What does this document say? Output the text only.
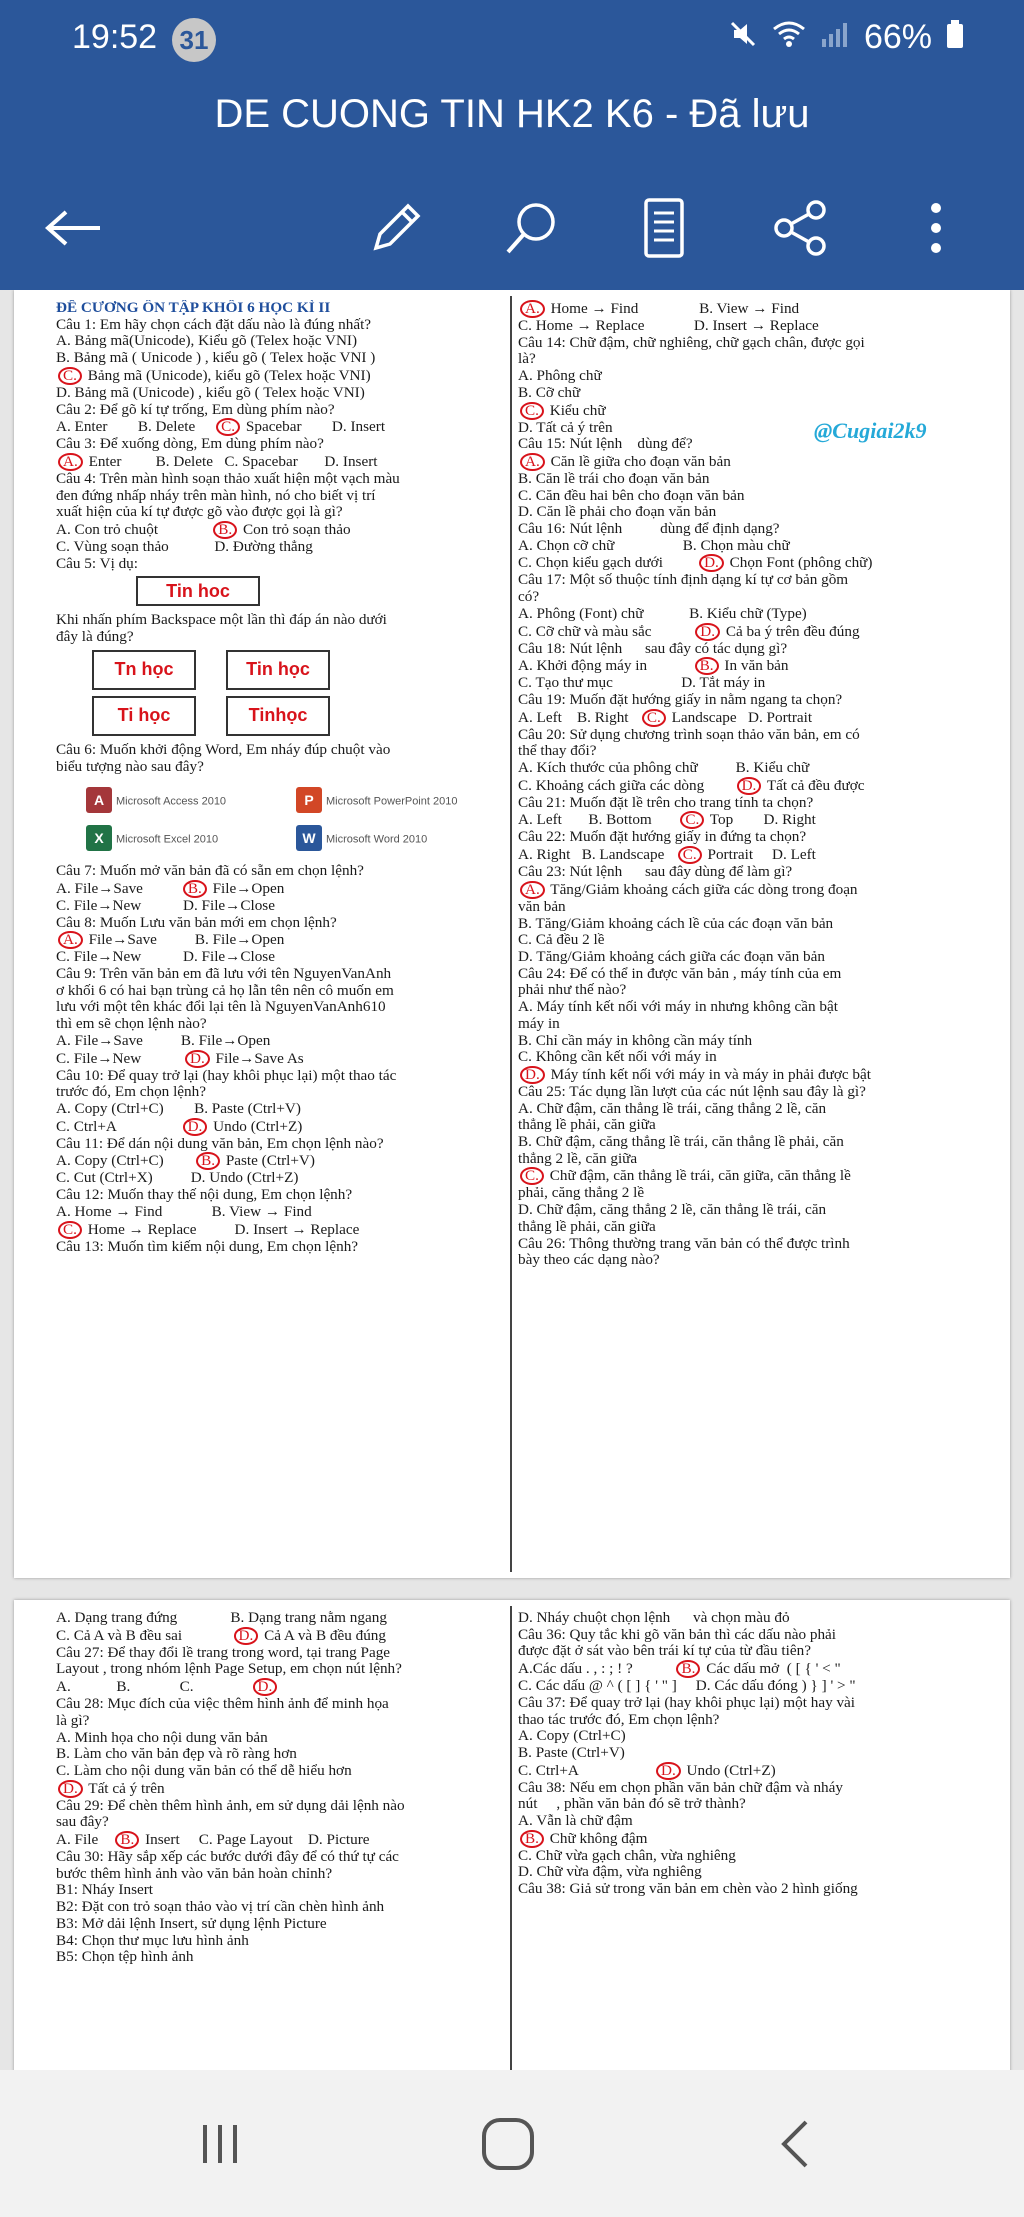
19:52 31	66%
DE CUONG TIN HK2 K6 - Đã lưu
ĐỀ CƯƠNG ÔN TẬP KHỐI 6 HỌC KÌ II
Câu 1: Em hãy chọn cách đặt dấu nào là đúng nhất?
A. Bảng mã(Unicode), Kiểu gõ (Telex hoặc VNI)
B. Bảng mã ( Unicode ) , kiểu gõ ( Telex hoặc VNI )
C. Bảng mã (Unicode), kiểu gõ (Telex hoặc VNI)
D. Bảng mã (Unicode) , kiểu gõ ( Telex hoặc VNI)
Câu 2: Để gõ kí tự trống, Em dùng phím nào?
A. Enter        B. Delete     C. Spacebar        D. Insert
Câu 3: Để xuống dòng, Em dùng phím nào?
A. Enter         B. Delete   C. Spacebar       D. Insert
Câu 4: Trên màn hình soạn thảo xuất hiện một vạch màu
đen đứng nhấp nháy trên màn hình, nó cho biết vị trí
xuất hiện của kí tự được gõ vào được gọi là gì?
A. Con trỏ chuột              B. Con trỏ soạn thảo
C. Vùng soạn thảo            D. Đường thẳng
Câu 5: Vị dụ:
Tin hoc
Khi nhấn phím Backspace một lần thì đáp án nào dưới
đây là đúng?
Tn học	Tin học
Ti học	Tinhọc
Câu 6: Muốn khởi động Word, Em nháy đúp chuột vào
biểu tượng nào sau đây?
A Microsoft Access 2010	P Microsoft PowerPoint 2010
X Microsoft Excel 2010	W Microsoft Word 2010
Câu 7: Muốn mở văn bản đã có sẵn em chọn lệnh?
A. File→Save          B. File→Open
C. File→New           D. File→Close
Câu 8: Muốn Lưu văn bản mới em chọn lệnh?
A. File→Save          B. File→Open
C. File→New           D. File→Close
Câu 9: Trên văn bản em đã lưu với tên NguyenVanAnh
ơ khối 6 có hai bạn trùng cả họ lẫn tên nên cô muốn em
lưu với một tên khác đổi lại tên là NguyenVanAnh610
thì em sẽ chọn lệnh nào?
A. File→Save          B. File→Open
C. File→New           D. File→Save As
Câu 10: Để quay trở lại (hay khôi phục lại) một thao tác
trước đó, Em chọn lệnh?
A. Copy (Ctrl+C)        B. Paste (Ctrl+V)
C. Ctrl+A                 D. Undo (Ctrl+Z)
Câu 11: Để dán nội dung văn bản, Em chọn lệnh nào?
A. Copy (Ctrl+C)        B. Paste (Ctrl+V)
C. Cut (Ctrl+X)          D. Undo (Ctrl+Z)
Câu 12: Muốn thay thế nội dung, Em chọn lệnh?
A. Home → Find             B. View → Find
C. Home → Replace          D. Insert → Replace
Câu 13: Muốn tìm kiếm nội dung, Em chọn lệnh?
A. Home → Find                B. View → Find
C. Home → Replace             D. Insert → Replace
Câu 14: Chữ đậm, chữ nghiêng, chữ gạch chân, được gọi
là?
A. Phông chữ
B. Cỡ chữ
C. Kiểu chữ
D. Tất cả ý trên
Câu 15: Nút lệnh    dùng để?
A. Căn lề giữa cho đoạn văn bản
B. Căn lề trái cho đoạn văn bản
C. Căn đều hai bên cho đoạn văn bản
D. Căn lề phải cho đoạn văn bản
Câu 16: Nút lệnh          dùng để định dạng?
A. Chọn cỡ chữ                  B. Chọn màu chữ
C. Chọn kiểu gạch dưới         D. Chọn Font (phông chữ)
Câu 17: Một số thuộc tính định dạng kí tự cơ bản gồm
có?
A. Phông (Font) chữ            B. Kiểu chữ (Type)
C. Cỡ chữ và màu sắc           D. Cả ba ý trên đều đúng
Câu 18: Nút lệnh      sau đây có tác dụng gì?
A. Khởi động máy in            B. In văn bản
C. Tạo thư mục                  D. Tắt máy in
Câu 19: Muốn đặt hướng giấy in nằm ngang ta chọn?
A. Left    B. Right   C. Landscape   D. Portrait
Câu 20: Sử dụng chương trình soạn thảo văn bản, em có
thể thay đổi?
A. Kích thước của phông chữ          B. Kiểu chữ
C. Khoảng cách giữa các dòng        D. Tất cả đều được
Câu 21: Muốn đặt lề trên cho trang tính ta chọn?
A. Left       B. Bottom       C. Top        D. Right
Câu 22: Muốn đặt hướng giấy in đứng ta chọn?
A. Right   B. Landscape   C. Portrait     D. Left
Câu 23: Nút lệnh      sau đây dùng để làm gì?
A. Tăng/Giảm khoảng cách giữa các dòng trong đoạn
văn bản
B. Tăng/Giảm khoảng cách lề của các đoạn văn bản
C. Cả đều 2 lề
D. Tăng/Giảm khoảng cách giữa các đoạn văn bản
Câu 24: Để có thể in được văn bản , máy tính của em
phải như thế nào?
A. Máy tính kết nối với máy in nhưng không cần bật
máy in
B. Chỉ cần máy in không cần máy tính
C. Không cần kết nối với máy in
D. Máy tính kết nối với máy in và máy in phải được bật
Câu 25: Tác dụng lần lượt của các nút lệnh sau đây là gì?
A. Chữ đậm, căn thẳng lề trái, căng thẳng 2 lề, căn
thẳng lề phải, căn giữa
B. Chữ đậm, căng thẳng lề trái, căn thẳng lề phải, căn
thẳng 2 lề, căn giữa
C. Chữ đậm, căn thẳng lề trái, căn giữa, căn thẳng lề
phải, căng thẳng 2 lề
D. Chữ đậm, căng thẳng 2 lề, căn thẳng lề trái, căn
thẳng lề phải, căn giữa
Câu 26: Thông thường trang văn bản có thể được trình
bày theo các dạng nào?
@Cugiai2k9
A. Dạng trang đứng              B. Dạng trang nằm ngang
C. Cả A và B đều sai             D. Cả A và B đều đúng
Câu 27: Để thay đổi lề trang trong word, tại trang Page
Layout , trong nhóm lệnh Page Setup, em chọn nút lệnh?
A.            B.             C.               D.
Câu 28: Mục đích của việc thêm hình ảnh để minh họa
là gì?
A. Minh họa cho nội dung văn bản
B. Làm cho văn bản đẹp và rõ ràng hơn
C. Làm cho nội dung văn bản có thể dễ hiểu hơn
D. Tất cả ý trên
Câu 29: Để chèn thêm hình ảnh, em sử dụng dải lệnh nào
sau đây?
A. File    B. Insert     C. Page Layout    D. Picture
Câu 30: Hãy sắp xếp các bước dưới đây để có thứ tự các
bước thêm hình ảnh vào văn bản hoàn chỉnh?
B1: Nháy Insert
B2: Đặt con trỏ soạn thảo vào vị trí cần chèn hình ảnh
B3: Mở dải lệnh Insert, sử dụng lệnh Picture
B4: Chọn thư mục lưu hình ảnh
B5: Chọn tệp hình ảnh
D. Nháy chuột chọn lệnh      và chọn màu đỏ
Câu 36: Quy tắc khi gõ văn bản thì các dấu nào phải
được đặt ở sát vào bên trái kí tự của từ đầu tiên?
A.Các dấu . , : ; ! ?           B. Các dấu mở  ( [ { ' < "
C. Các dấu @ ^ ( [ ] { ' " ]     D. Các dấu đóng ) } ] ' > "
Câu 37: Để quay trở lại (hay khôi phục lại) một hay vài
thao tác trước đó, Em chọn lệnh?
A. Copy (Ctrl+C)
B. Paste (Ctrl+V)
C. Ctrl+A                    D. Undo (Ctrl+Z)
Câu 38: Nếu em chọn phần văn bản chữ đậm và nháy
nút     , phần văn bản đó sẽ trở thành?
A. Vẫn là chữ đậm
B. Chữ không đậm
C. Chữ vừa gạch chân, vừa nghiêng
D. Chữ vừa đậm, vừa nghiêng
Câu 38: Giả sử trong văn bản em chèn vào 2 hình giống
